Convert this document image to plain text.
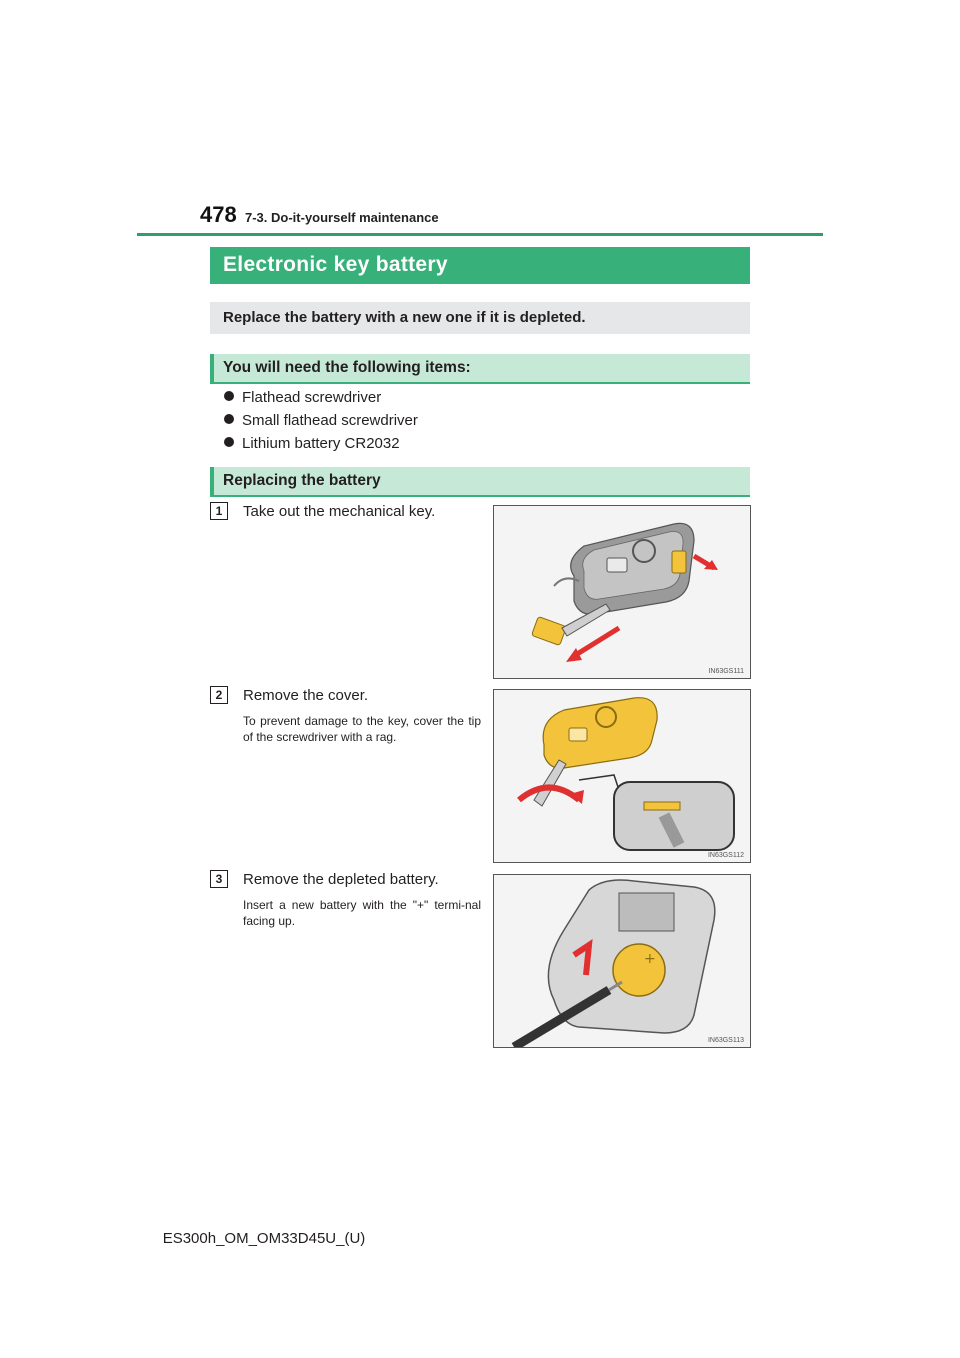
478 7-3. Do-it-yourself maintenance
Electronic key battery
Replace the battery with a new one if it is depleted.
You will need the following items:
Flathead screwdriver
Small flathead screwdriver
Lithium battery CR2032
Replacing the battery
1	Take out the mechanical key.
IN63GS111
2	Remove the cover.
To prevent damage to the key, cover the tip of the screwdriver with a rag.
IN63GS112
3	Remove the depleted battery.
Insert a new battery with the "+" termi-nal facing up.
+
IN63GS113
ES300h_OM_OM33D45U_(U)
